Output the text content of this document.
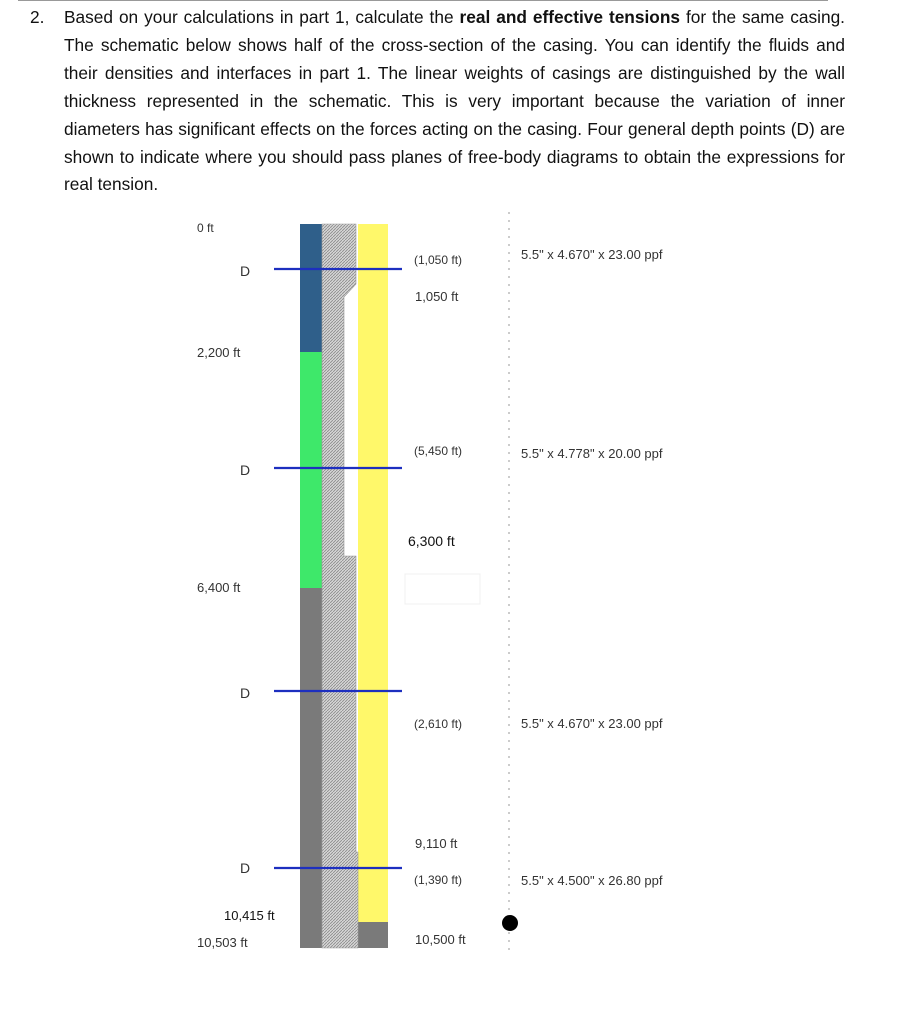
2. Based on your calculations in part 1, calculate the real and effective tensions for the same casing. The schematic below shows half of the cross-section of the casing. You can identify the fluids and their densities and interfaces in part 1. The linear weights of casings are distinguished by the wall thickness represented in the schematic. This is very important because the variation of inner diameters has significant effects on the forces acting on the casing. Four general depth points (D) are shown to indicate where you should pass planes of free-body diagrams to obtain the expressions for real tension.
0 ft
2,200 ft
6,400 ft
10,415 ft
10,503 ft
D
D
D
D
(1,050 ft)
1,050 ft
(5,450 ft)
6,300 ft
(2,610 ft)
9,110 ft
(1,390 ft)
10,500 ft
5.5" x 4.670" x 23.00 ppf
5.5" x 4.778" x 20.00 ppf
5.5" x 4.670" x 23.00 ppf
5.5" x 4.500" x 26.80 ppf
